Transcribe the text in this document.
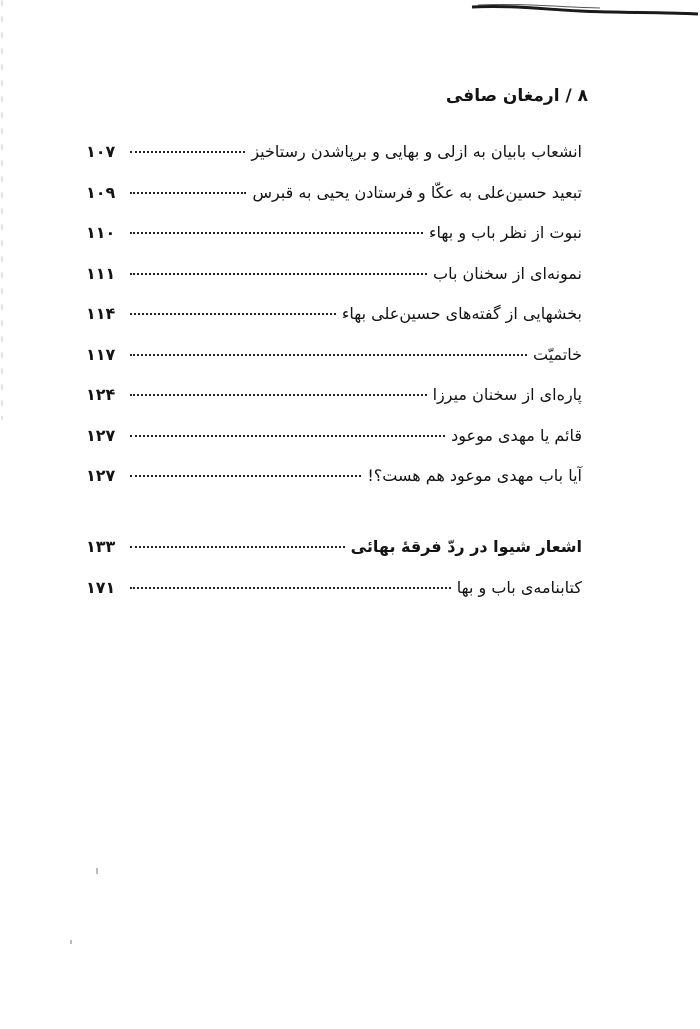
۸ / ارمغان صافی
انشعاب بابیان به ازلی و بهایی و برپاشدن رستاخیز
۱۰۷
تبعید حسین‌علی به عکّا و فرستادن یحیی به قبرس
۱۰۹
نبوت از نظر باب و بهاء
۱۱۰
نمونه‌ای از سخنان باب
۱۱۱
بخشهایی از گفته‌های حسین‌علی بهاء
۱۱۴
خاتمیّت
۱۱۷
پاره‌ای از سخنان میرزا
۱۲۴
قائم یا مهدی موعود
۱۲۷
آیا باب مهدی موعود هم هست؟!
۱۲۷
اشعار شیوا در ردّ فرقهٔ بهائی
۱۳۳
کتابنامه‌ی باب و بها
۱۷۱
